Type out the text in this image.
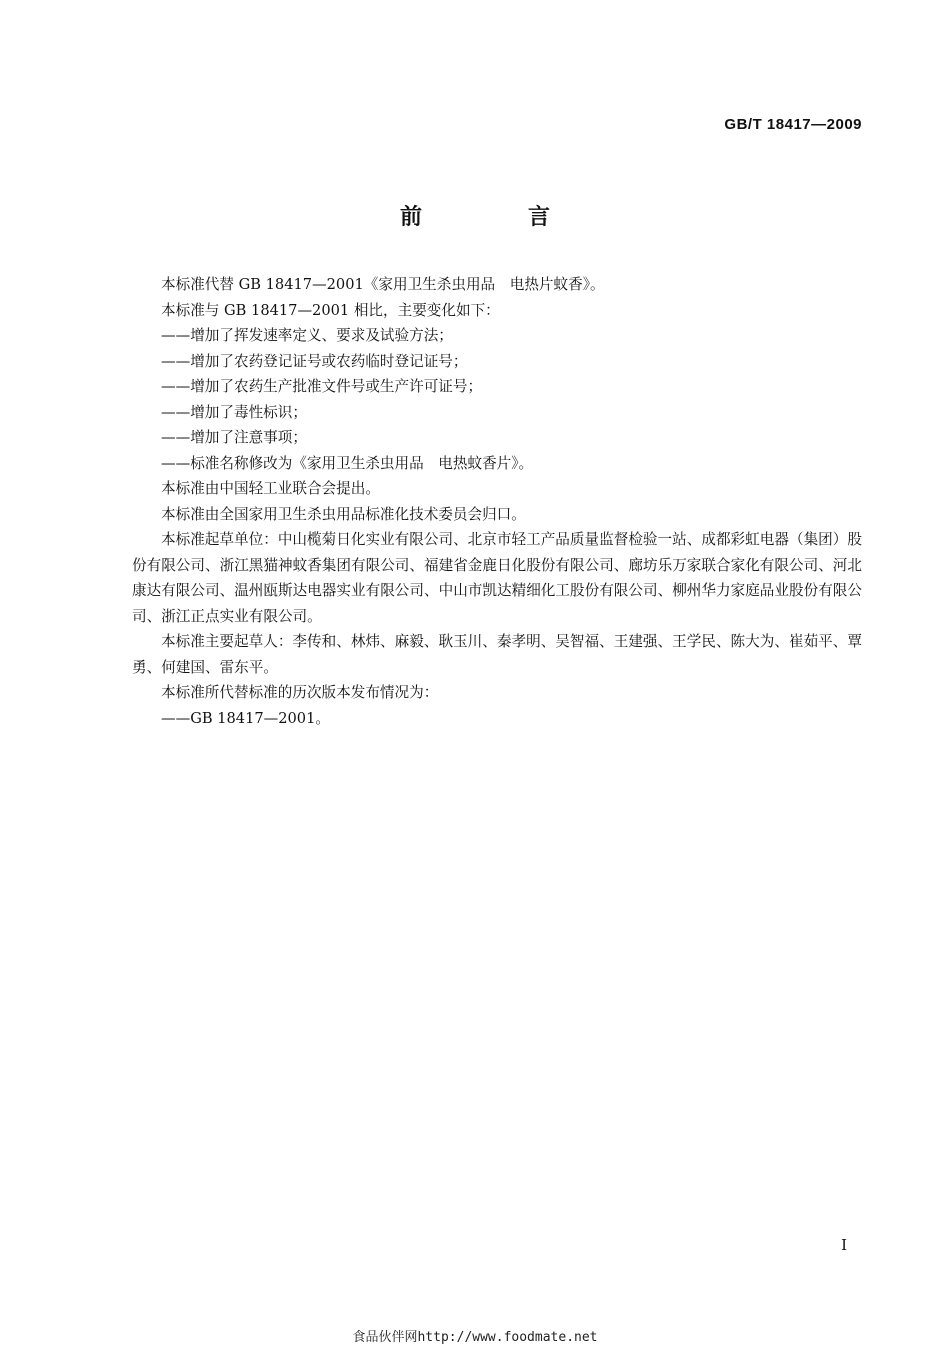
GB/T 18417—2009
前　言

本标准代替 GB 18417—2001《家用卫生杀虫用品　电热片蚊香》。

本标准与 GB 18417—2001 相比，主要变化如下：

——增加了挥发速率定义、要求及试验方法；

——增加了农药登记证号或农药临时登记证号；

——增加了农药生产批准文件号或生产许可证号；

——增加了毒性标识；

——增加了注意事项；

——标准名称修改为《家用卫生杀虫用品　电热蚊香片》。

本标准由中国轻工业联合会提出。

本标准由全国家用卫生杀虫用品标准化技术委员会归口。

本标准起草单位：中山榄菊日化实业有限公司、北京市轻工产品质量监督检验一站、成都彩虹电器（集团）股份有限公司、浙江黑猫神蚊香集团有限公司、福建省金鹿日化股份有限公司、廊坊乐万家联合家化有限公司、河北康达有限公司、温州瓯斯达电器实业有限公司、中山市凯达精细化工股份有限公司、柳州华力家庭品业股份有限公司、浙江正点实业有限公司。

本标准主要起草人：李传和、林炜、麻毅、耿玉川、秦孝明、吴智福、王建强、王学民、陈大为、崔茹平、覃勇、何建国、雷东平。

本标准所代替标准的历次版本发布情况为：

——GB 18417—2001。

I
食品伙伴网http://www.foodmate.net
